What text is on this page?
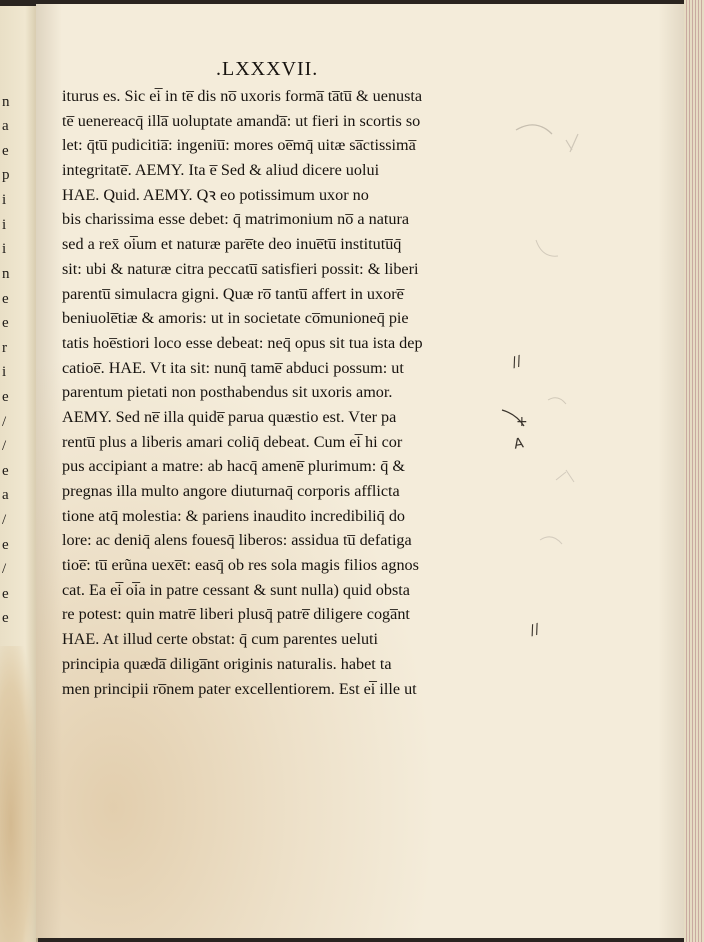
n
a
e
p
i
i
i
n
e
e
r
i
e
/
/
e
a
/
e
/
e
e
.LXXXVII.
iturus es. Sic ei̅ in te̅ dis no̅ uxoris forma̅ ta̅tu̅ & uenusta
te̅ uenereacq̄ illa̅ uoluptate amanda̅: ut fieri in scortis so
let: q̄tu̅ pudicitia̅: ingeniu̅: mores oe̅mq̄ uitæ sa̅ctissima̅
integritate̅. AEMY. Ita e̅ Sed & aliud dicere uolui
HAE. Quid. AEMY. Qꝛ eo potissimum uxor no
bis charissima esse debet: q̄ matrimonium no̅ a natura
sed a rex̄ oi̅um et naturæ pare̅te deo inue̅tu̅ institutu̅q̄
sit: ubi & naturæ citra peccatu̅ satisfieri possit: & liberi
parentu̅ simulacra gigni. Quæ ro̅ tantu̅ affert in uxore̅
beniuole̅tiæ & amoris: ut in societate co̅munioneq̄ pie
tatis hoe̅stiori loco esse debeat: neq̄ opus sit tua ista dep
catioe̅. HAE. Vt ita sit: nunq̄ tame̅ abduci possum: ut
parentum pietati non posthabendus sit uxoris amor.
AEMY. Sed ne̅ illa quide̅ parua quæstio est. Vter pa
rentu̅ plus a liberis amari coliq̄ debeat. Cum ei̅ hi cor
pus accipiant a matre: ab hacq̄ amene̅ plurimum: q̄ &
pregnas illa multo angore diuturnaq̄ corporis afflicta
tione atq̄ molestia: & pariens inaudito incredibiliq̄ do
lore: ac deniq̄ alens fouesq̄ liberos: assidua tu̅ defatiga
tioe̅: tu̅ erũna uexe̅t: easq̄ ob res sola magis filios agnos
cat. Ea ei̅ oi̅a in patre cessant & sunt nulla) quid obsta
re potest: quin matre̅ liberi plusq̄ patre̅ diligere coga̅nt
HAE. At illud certe obstat: q̄ cum parentes ueluti
principia quæda̅ diliga̅nt originis naturalis. habet ta
men principii ro̅nem pater excellentiorem. Est ei̅ ille ut
//
+
A
//
